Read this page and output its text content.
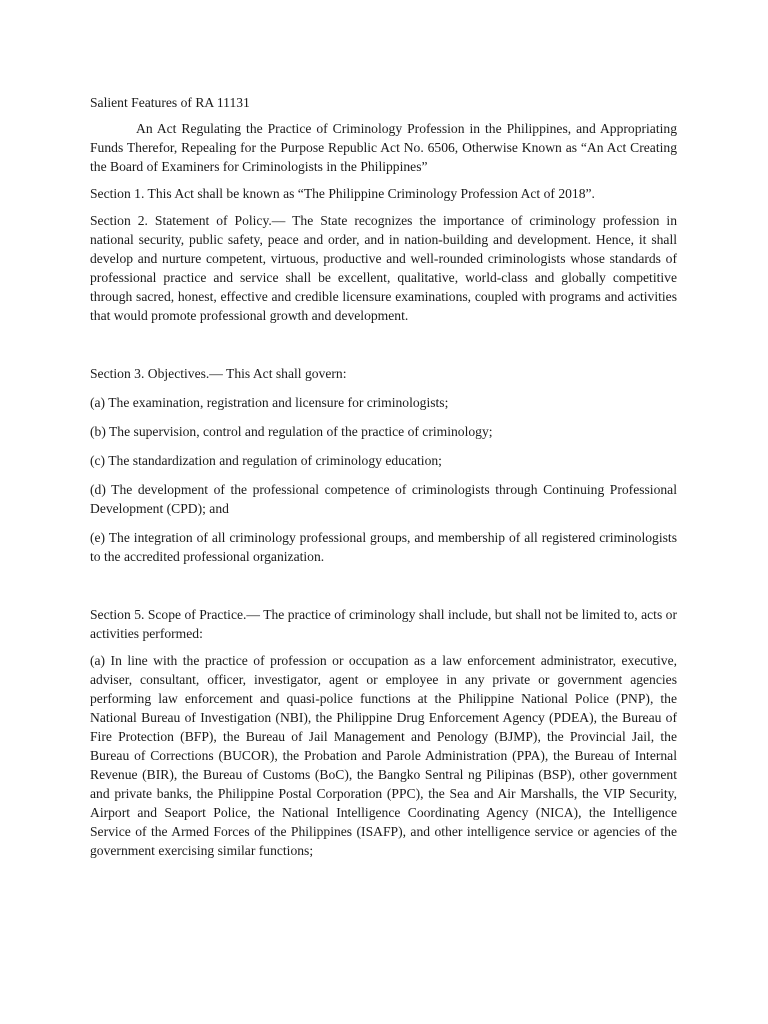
Salient Features of RA 11131

An Act Regulating the Practice of Criminology Profession in the Philippines, and Appropriating Funds Therefor, Repealing for the Purpose Republic Act No. 6506, Otherwise Known as “An Act Creating the Board of Examiners for Criminologists in the Philippines”

Section 1. This Act shall be known as “The Philippine Criminology Profession Act of 2018”.

Section 2. Statement of Policy.— The State recognizes the importance of criminology profession in national security, public safety, peace and order, and in nation-building and development. Hence, it shall develop and nurture competent, virtuous, productive and well-rounded criminologists whose standards of professional practice and service shall be excellent, qualitative, world-class and globally competitive through sacred, honest, effective and credible licensure examinations, coupled with programs and activities that would promote professional growth and development.

Section 3. Objectives.— This Act shall govern:

(a) The examination, registration and licensure for criminologists;

(b) The supervision, control and regulation of the practice of criminology;

(c) The standardization and regulation of criminology education;

(d) The development of the professional competence of criminologists through Continuing Professional Development (CPD); and

(e) The integration of all criminology professional groups, and membership of all registered criminologists to the accredited professional organization.

Section 5. Scope of Practice.— The practice of criminology shall include, but shall not be limited to, acts or activities performed:

(a) In line with the practice of profession or occupation as a law enforcement administrator, executive, adviser, consultant, officer, investigator, agent or employee in any private or government agencies performing law enforcement and quasi-police functions at the Philippine National Police (PNP), the National Bureau of Investigation (NBI), the Philippine Drug Enforcement Agency (PDEA), the Bureau of Fire Protection (BFP), the Bureau of Jail Management and Penology (BJMP), the Provincial Jail, the Bureau of Corrections (BUCOR), the Probation and Parole Administration (PPA), the Bureau of Internal Revenue (BIR), the Bureau of Customs (BoC), the Bangko Sentral ng Pilipinas (BSP), other government and private banks, the Philippine Postal Corporation (PPC), the Sea and Air Marshalls, the VIP Security, Airport and Seaport Police, the National Intelligence Coordinating Agency (NICA), the Intelligence Service of the Armed Forces of the Philippines (ISAFP), and other intelligence service or agencies of the government exercising similar functions;
